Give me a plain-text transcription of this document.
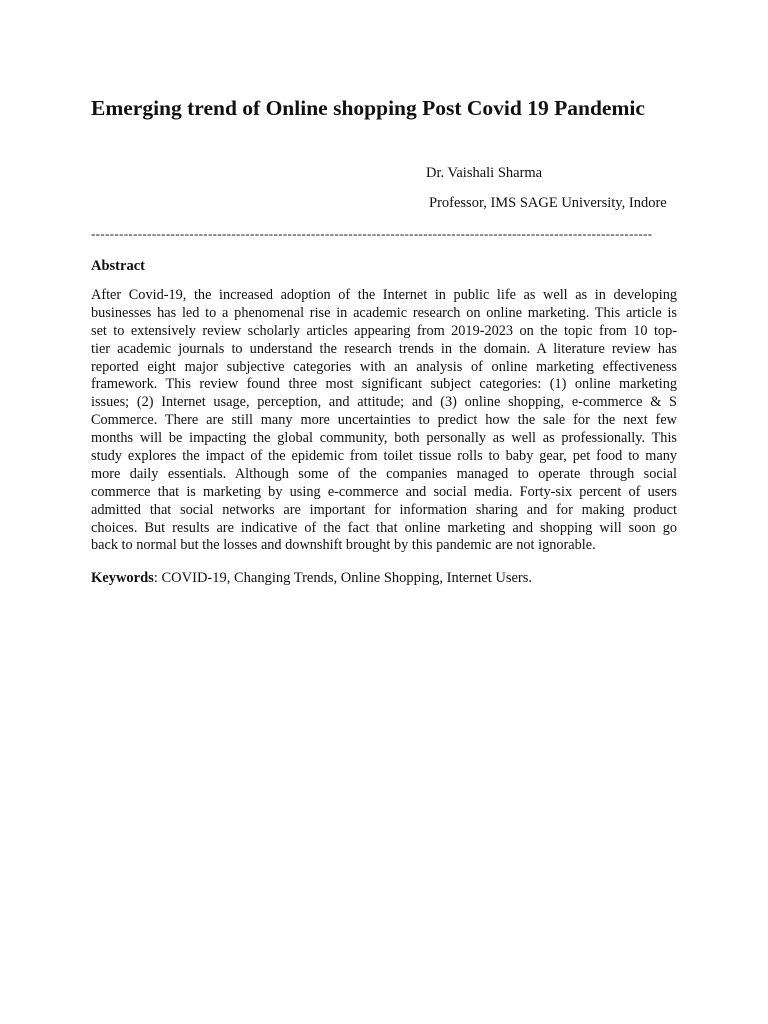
Emerging trend of Online shopping Post Covid 19 Pandemic
Dr. Vaishali Sharma
Professor, IMS SAGE University, Indore
------------------------------------------------------------------------------------------------------------------------
Abstract
After Covid-19, the increased adoption of the Internet in public life as well as in developing
businesses has led to a phenomenal rise in academic research on online marketing. This article is
set to extensively review scholarly articles appearing from 2019-2023 on the topic from 10 top-
tier academic journals to understand the research trends in the domain. A literature review has
reported eight major subjective categories with an analysis of online marketing effectiveness
framework. This review found three most significant subject categories: (1) online marketing
issues; (2) Internet usage, perception, and attitude; and (3) online shopping, e-commerce & S
Commerce. There are still many more uncertainties to predict how the sale for the next few
months will be impacting the global community, both personally as well as professionally. This
study explores the impact of the epidemic from toilet tissue rolls to baby gear, pet food to many
more daily essentials. Although some of the companies managed to operate through social
commerce that is marketing by using e-commerce and social media. Forty-six percent of users
admitted that social networks are important for information sharing and for making product
choices. But results are indicative of the fact that online marketing and shopping will soon go
back to normal but the losses and downshift brought by this pandemic are not ignorable.

Keywords: COVID-19, Changing Trends, Online Shopping, Internet Users.
